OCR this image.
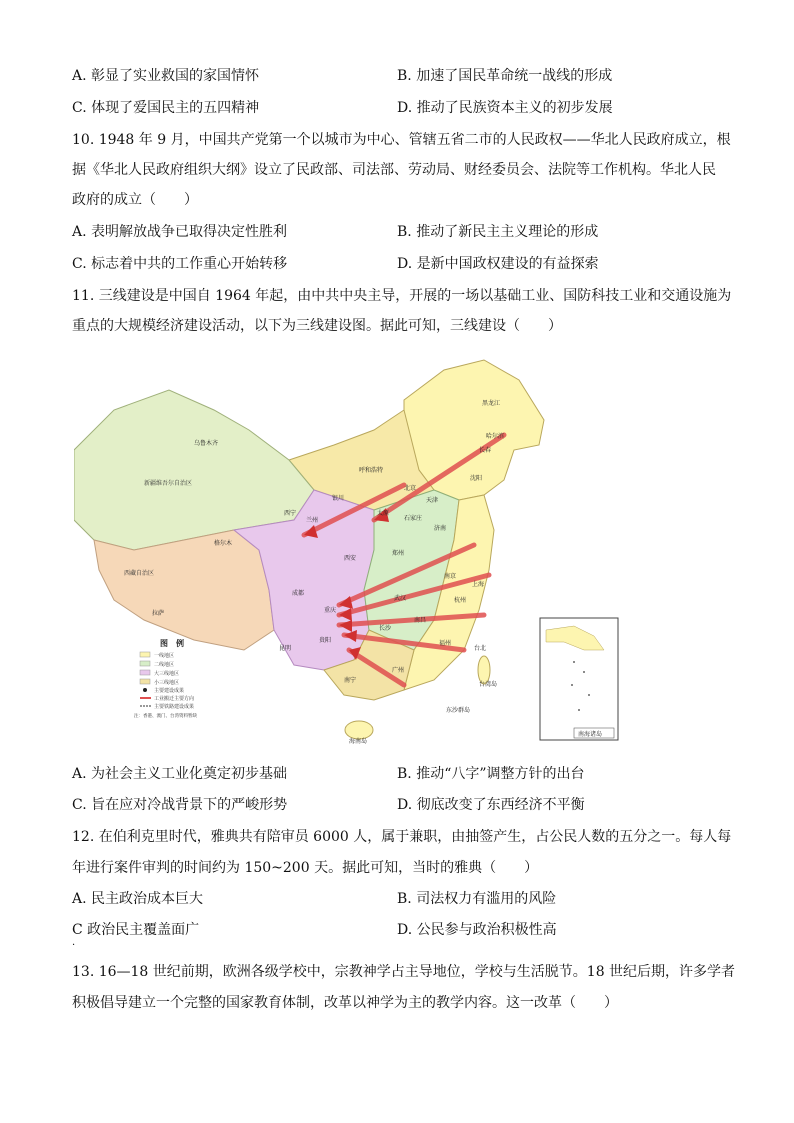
A. 彰显了实业救国的家国情怀	B. 加速了国民革命统一战线的形成
C. 体现了爱国民主的五四精神	D. 推动了民族资本主义的初步发展
10. 1948 年 9 月，中国共产党第一个以城市为中心、管辖五省二市的人民政权——华北人民政府成立，根
据《华北人民政府组织大纲》设立了民政部、司法部、劳动局、财经委员会、法院等工作机构。华北人民
政府的成立（　　）
A. 表明解放战争已取得决定性胜利	B. 推动了新民主主义理论的形成
C. 标志着中共的工作重心开始转移	D. 是新中国政权建设的有益探索
11. 三线建设是中国自 1964 年起，由中共中央主导，开展的一场以基础工业、国防科技工业和交通设施为
重点的大规模经济建设活动，以下为三线建设图。据此可知，三线建设（　　）
新疆维吾尔自治区
西藏自治区
黑龙江
乌鲁木齐
呼和浩特
北京
天津
长春
哈尔滨
沈阳
太原
石家庄
济南
银川
西宁
兰州
格尔木
西安
郑州
成都
重庆
武汉
南京
上海
杭州
长沙
南昌
贵阳
昆明
福州
广州
南宁
拉萨
台北
台湾岛
海南岛
东沙群岛
图　例
一线地区
二线地区
大三线地区
小三线地区
主要建设成果
工业搬迁主要方向
主要铁路建设成果
注：香港、澳门、台湾资料暂缺
南海诸岛
A. 为社会主义工业化奠定初步基础	B. 推动“八字”调整方针的出台
C. 旨在应对冷战背景下的严峻形势	D. 彻底改变了东西经济不平衡
12. 在伯利克里时代，雅典共有陪审员 6000 人，属于兼职，由抽签产生，占公民人数的五分之一。每人每
年进行案件审判的时间约为 150~200 天。据此可知，当时的雅典（　　）
A. 民主政治成本巨大	B. 司法权力有滥用的风险
C 政治民主覆盖面广	D. 公民参与政治积极性高
·
13. 16—18 世纪前期，欧洲各级学校中，宗教神学占主导地位，学校与生活脱节。18 世纪后期，许多学者
积极倡导建立一个完整的国家教育体制，改革以神学为主的教学内容。这一改革（　　）
